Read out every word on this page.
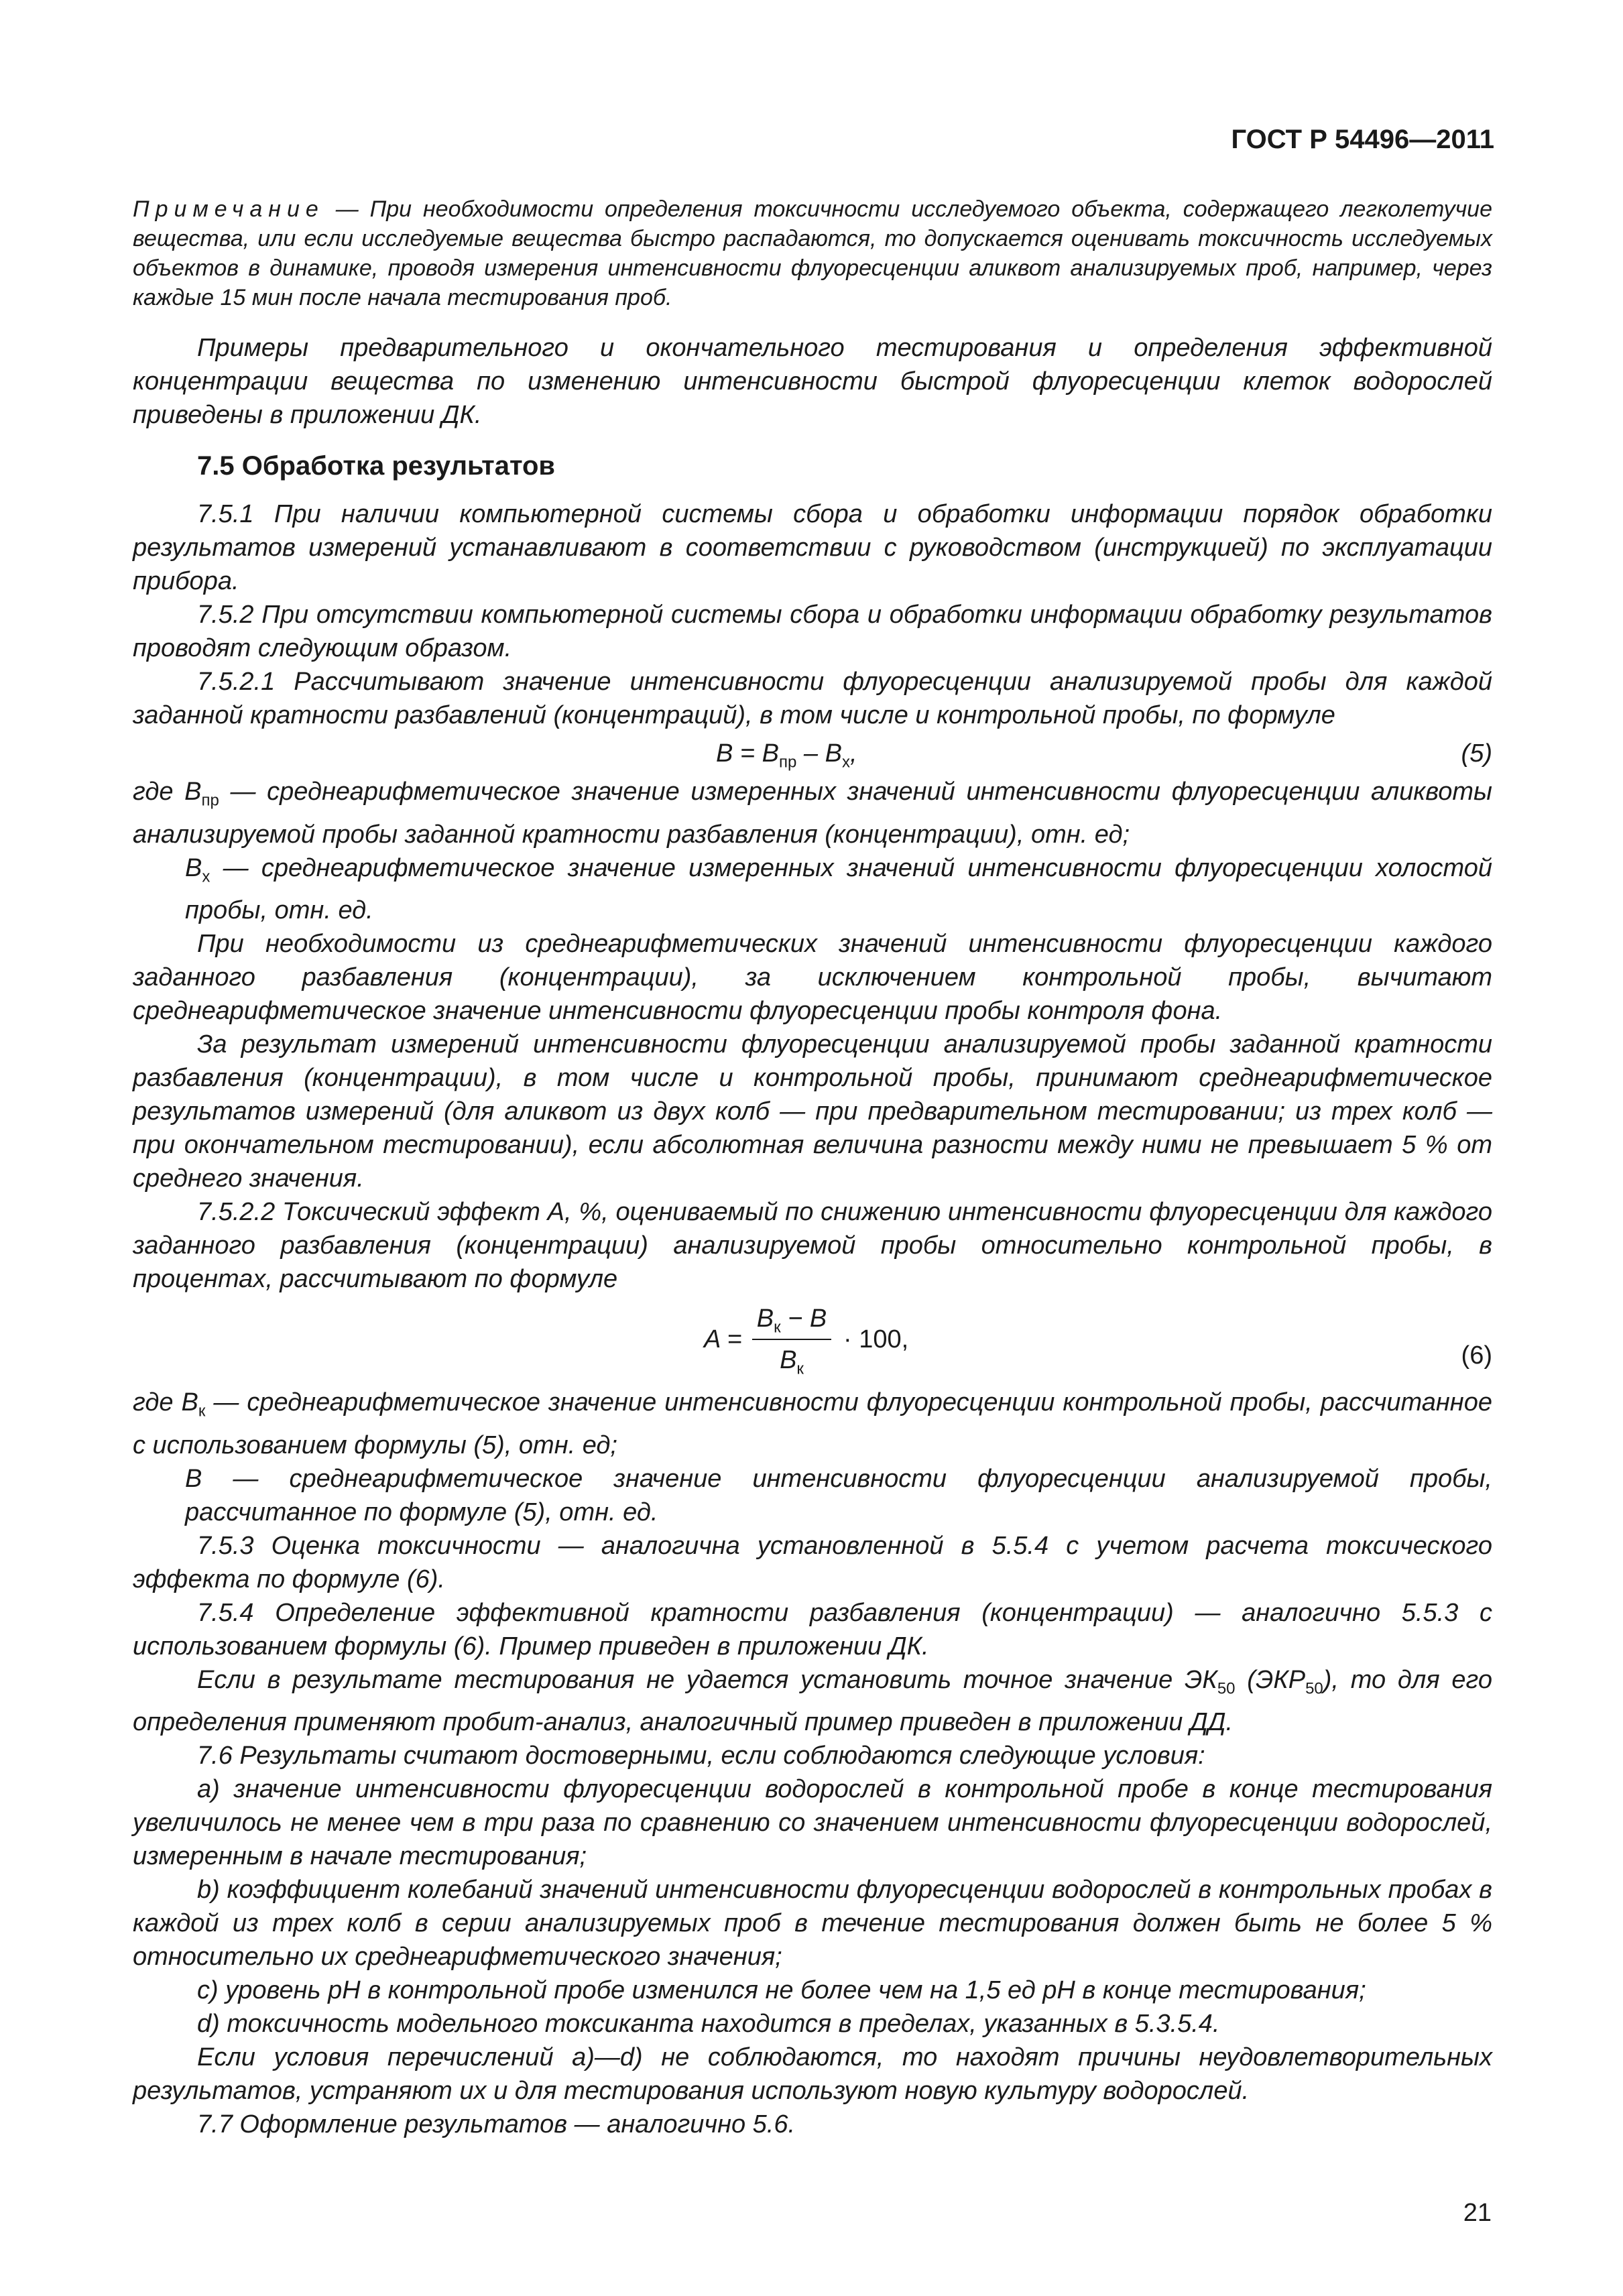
ГОСТ Р 54496—2011

Примечание — При необходимости определения токсичности исследуемого объекта, содержащего легколетучие вещества, или если исследуемые вещества быстро распадаются, то допускается оценивать токсичность исследуемых объектов в динамике, проводя измерения интенсивности флуоресценции аликвот анализируемых проб, например, через каждые 15 мин после начала тестирования проб.

Примеры предварительного и окончательного тестирования и определения эффективной концентрации вещества по изменению интенсивности быстрой флуоресценции клеток водорослей приведены в приложении ДК.

7.5 Обработка результатов

7.5.1 При наличии компьютерной системы сбора и обработки информации порядок обработки результатов измерений устанавливают в соответствии с руководством (инструкцией) по эксплуатации прибора.

7.5.2 При отсутствии компьютерной системы сбора и обработки информации обработку результатов проводят следующим образом.

7.5.2.1 Рассчитывают значение интенсивности флуоресценции анализируемой пробы для каждой заданной кратности разбавлений (концентраций), в том числе и контрольной пробы, по формуле

$B = B_{пр} - B_х$,	(5)

где $B_{пр}$ — среднеарифметическое значение измеренных значений интенсивности флуоресценции аликвоты анализируемой пробы заданной кратности разбавления (концентрации), отн. ед;

$B_х$ — среднеарифметическое значение измеренных значений интенсивности флуоресценции холостой пробы, отн. ед.

При необходимости из среднеарифметических значений интенсивности флуоресценции каждого заданного разбавления (концентрации), за исключением контрольной пробы, вычитают среднеарифметическое значение интенсивности флуоресценции пробы контроля фона.

За результат измерений интенсивности флуоресценции анализируемой пробы заданной кратности разбавления (концентрации), в том числе и контрольной пробы, принимают среднеарифметическое результатов измерений (для аликвот из двух колб — при предварительном тестировании; из трех колб — при окончательном тестировании), если абсолютная величина разности между ними не превышает 5 % от среднего значения.

7.5.2.2 Токсический эффект А, %, оцениваемый по снижению интенсивности флуоресценции для каждого заданного разбавления (концентрации) анализируемой пробы относительно контрольной пробы, в процентах, рассчитывают по формуле

A =
$B_к - B$
$B_к$
· 100,
(6)

где $B_к$ — среднеарифметическое значение интенсивности флуоресценции контрольной пробы, рассчитанное с использованием формулы (5), отн. ед;

B — среднеарифметическое значение интенсивности флуоресценции анализируемой пробы, рассчитанное по формуле (5), отн. ед.

7.5.3 Оценка токсичности — аналогична установленной в 5.5.4 с учетом расчета токсического эффекта по формуле (6).

7.5.4 Определение эффективной кратности разбавления (концентрации) — аналогично 5.5.3 с использованием формулы (6). Пример приведен в приложении ДК.

Если в результате тестирования не удается установить точное значение $ЭК_{50}$ $(ЭКР_{50})$, то для его определения применяют пробит-анализ, аналогичный пример приведен в приложении ДД.

7.6 Результаты считают достоверными, если соблюдаются следующие условия:

a) значение интенсивности флуоресценции водорослей в контрольной пробе в конце тестирования увеличилось не менее чем в три раза по сравнению со значением интенсивности флуоресценции водорослей, измеренным в начале тестирования;

b) коэффициент колебаний значений интенсивности флуоресценции водорослей в контрольных пробах в каждой из трех колб в серии анализируемых проб в течение тестирования должен быть не более 5 % относительно их среднеарифметического значения;

c) уровень pH в контрольной пробе изменился не более чем на 1,5 ед pH в конце тестирования;

d) токсичность модельного токсиканта находится в пределах, указанных в 5.3.5.4.

Если условия перечислений a)—d) не соблюдаются, то находят причины неудовлетворительных результатов, устраняют их и для тестирования используют новую культуру водорослей.

7.7 Оформление результатов — аналогично 5.6.

21
